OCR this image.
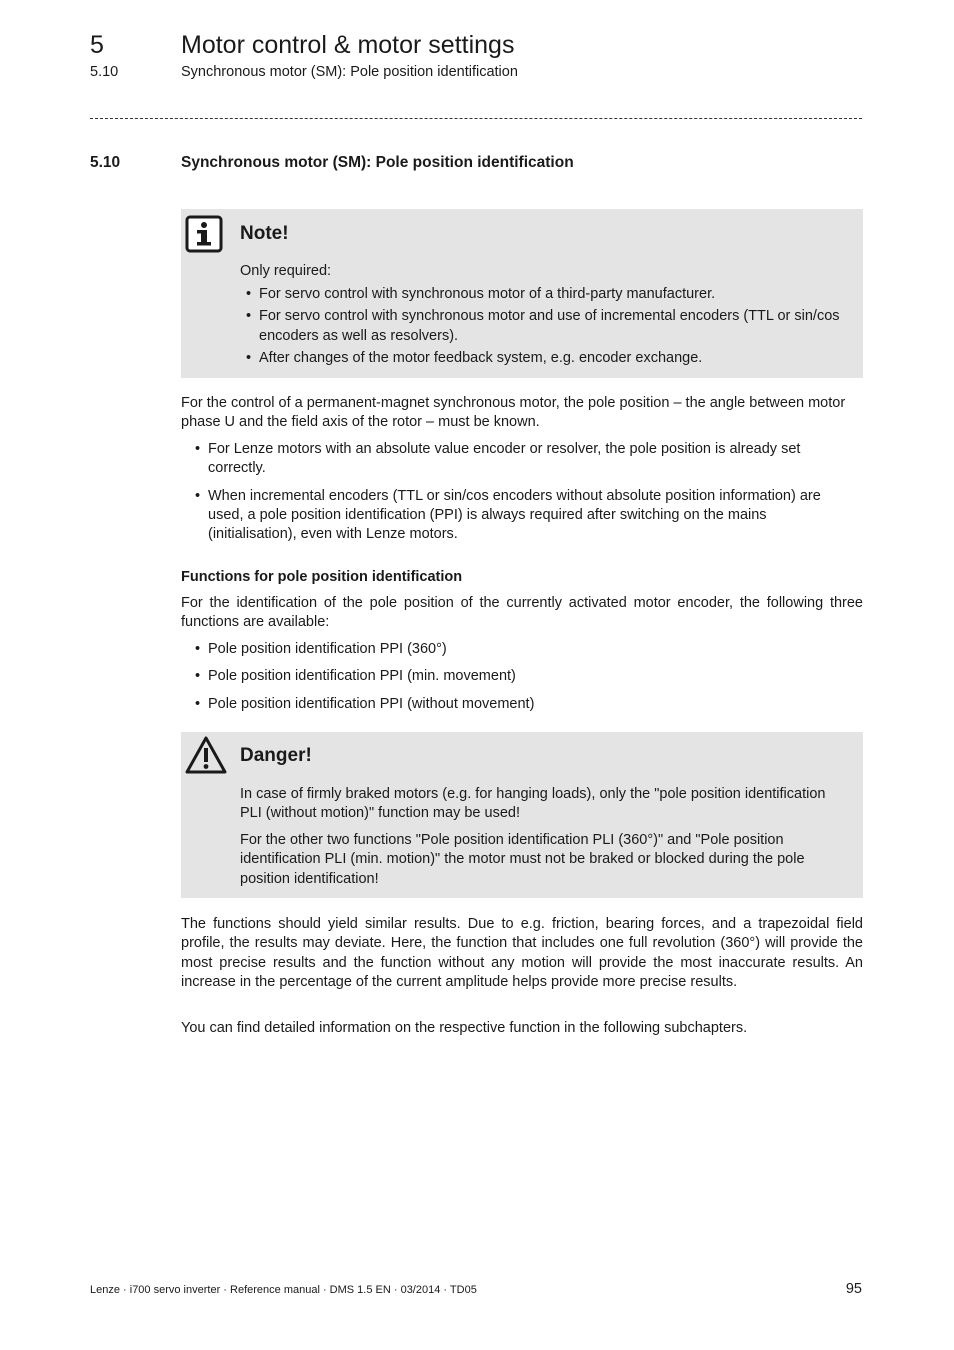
5	Motor control & motor settings
5.10	Synchronous motor (SM): Pole position identification
5.10	Synchronous motor (SM): Pole position identification
Note!
Only required:
• For servo control with synchronous motor of a third-party manufacturer.
• For servo control with synchronous motor and use of incremental encoders (TTL or sin/cos encoders as well as resolvers).
• After changes of the motor feedback system, e.g. encoder exchange.
For the control of a permanent-magnet synchronous motor, the pole position – the angle between motor phase U and the field axis of the rotor – must be known.
• For Lenze motors with an absolute value encoder or resolver, the pole position is already set correctly.
• When incremental encoders (TTL or sin/cos encoders without absolute position information) are used, a pole position identification (PPI) is always required after switching on the mains (initialisation), even with Lenze motors.
Functions for pole position identification
For the identification of the pole position of the currently activated motor encoder, the following three functions are available:
• Pole position identification PPI (360°)
• Pole position identification PPI (min. movement)
• Pole position identification PPI (without movement)
Danger!
In case of firmly braked motors (e.g. for hanging loads), only the "pole position identification PLI (without motion)" function may be used!
For the other two functions "Pole position identification PLI (360°)" and "Pole position identification PLI (min. motion)" the motor must not be braked or blocked during the pole position identification!
The functions should yield similar results. Due to e.g. friction, bearing forces, and a trapezoidal field profile, the results may deviate. Here, the function that includes one full revolution (360°) will provide the most precise results and the function without any motion will provide the most inaccurate results. An increase in the percentage of the current amplitude helps provide more precise results.
You can find detailed information on the respective function in the following subchapters.
Lenze · i700 servo inverter · Reference manual · DMS 1.5 EN · 03/2014 · TD05	95
